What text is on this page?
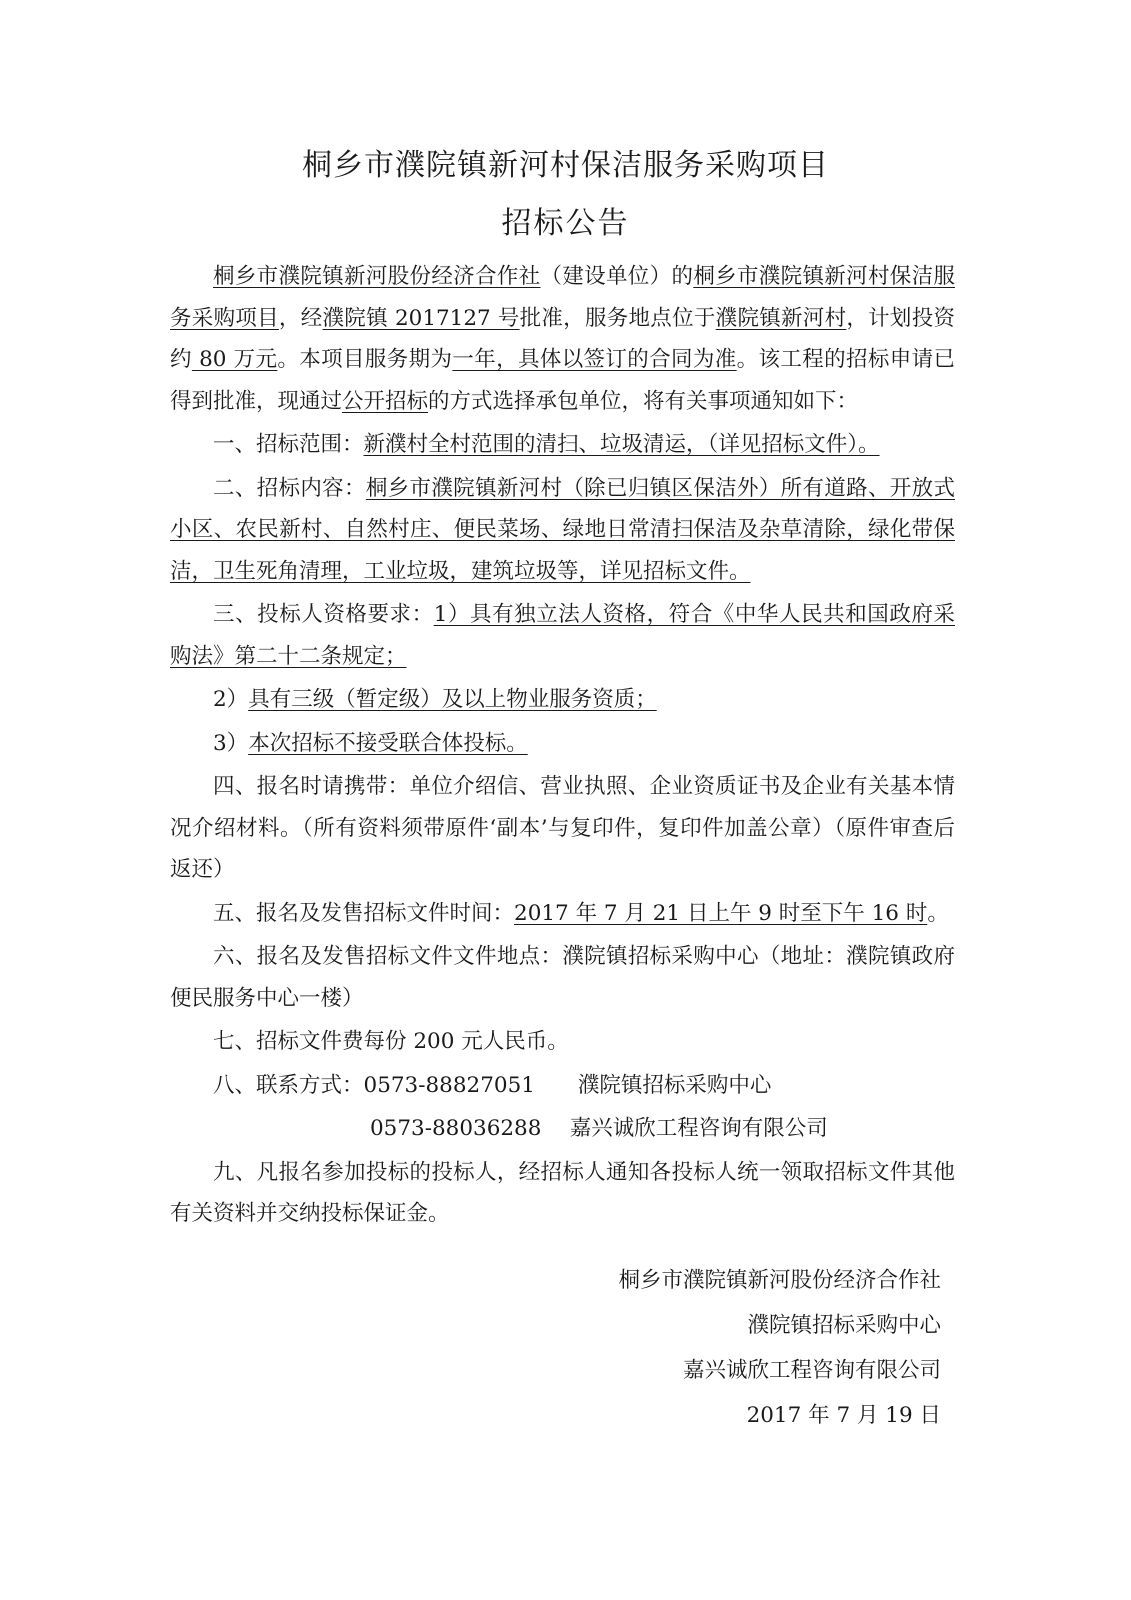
桐乡市濮院镇新河村保洁服务采购项目
招标公告

桐乡市濮院镇新河股份经济合作社（建设单位）的桐乡市濮院镇新河村保洁服务采购项目，经濮院镇 2017127 号批准，服务地点位于濮院镇新河村，计划投资约 80 万元。本项目服务期为一年，具体以签订的合同为准。该工程的招标申请已得到批准，现通过公开招标的方式选择承包单位，将有关事项通知如下：

一、招标范围：新濮村全村范围的清扫、垃圾清运，（详见招标文件）。

二、招标内容：桐乡市濮院镇新河村（除已归镇区保洁外）所有道路、开放式小区、农民新村、自然村庄、便民菜场、绿地日常清扫保洁及杂草清除，绿化带保洁，卫生死角清理，工业垃圾，建筑垃圾等，详见招标文件。

三、投标人资格要求：1）具有独立法人资格，符合《中华人民共和国政府采购法》第二十二条规定；

2）具有三级（暂定级）及以上物业服务资质；

3）本次招标不接受联合体投标。

四、报名时请携带：单位介绍信、营业执照、企业资质证书及企业有关基本情况介绍材料。（所有资料须带原件‘副本’与复印件，复印件加盖公章）（原件审查后返还）

五、报名及发售招标文件时间：2017 年 7 月 21 日上午 9 时至下午 16 时。

六、报名及发售招标文件文件地点：濮院镇招标采购中心（地址：濮院镇政府便民服务中心一楼）

七、招标文件费每份 200 元人民币。

八、联系方式：0573-88827051　　濮院镇招标采购中心

0573-88036288　 嘉兴诚欣工程咨询有限公司

九、凡报名参加投标的投标人，经招标人通知各投标人统一领取招标文件其他有关资料并交纳投标保证金。

桐乡市濮院镇新河股份经济合作社
濮院镇招标采购中心
嘉兴诚欣工程咨询有限公司
2017 年 7 月 19 日
